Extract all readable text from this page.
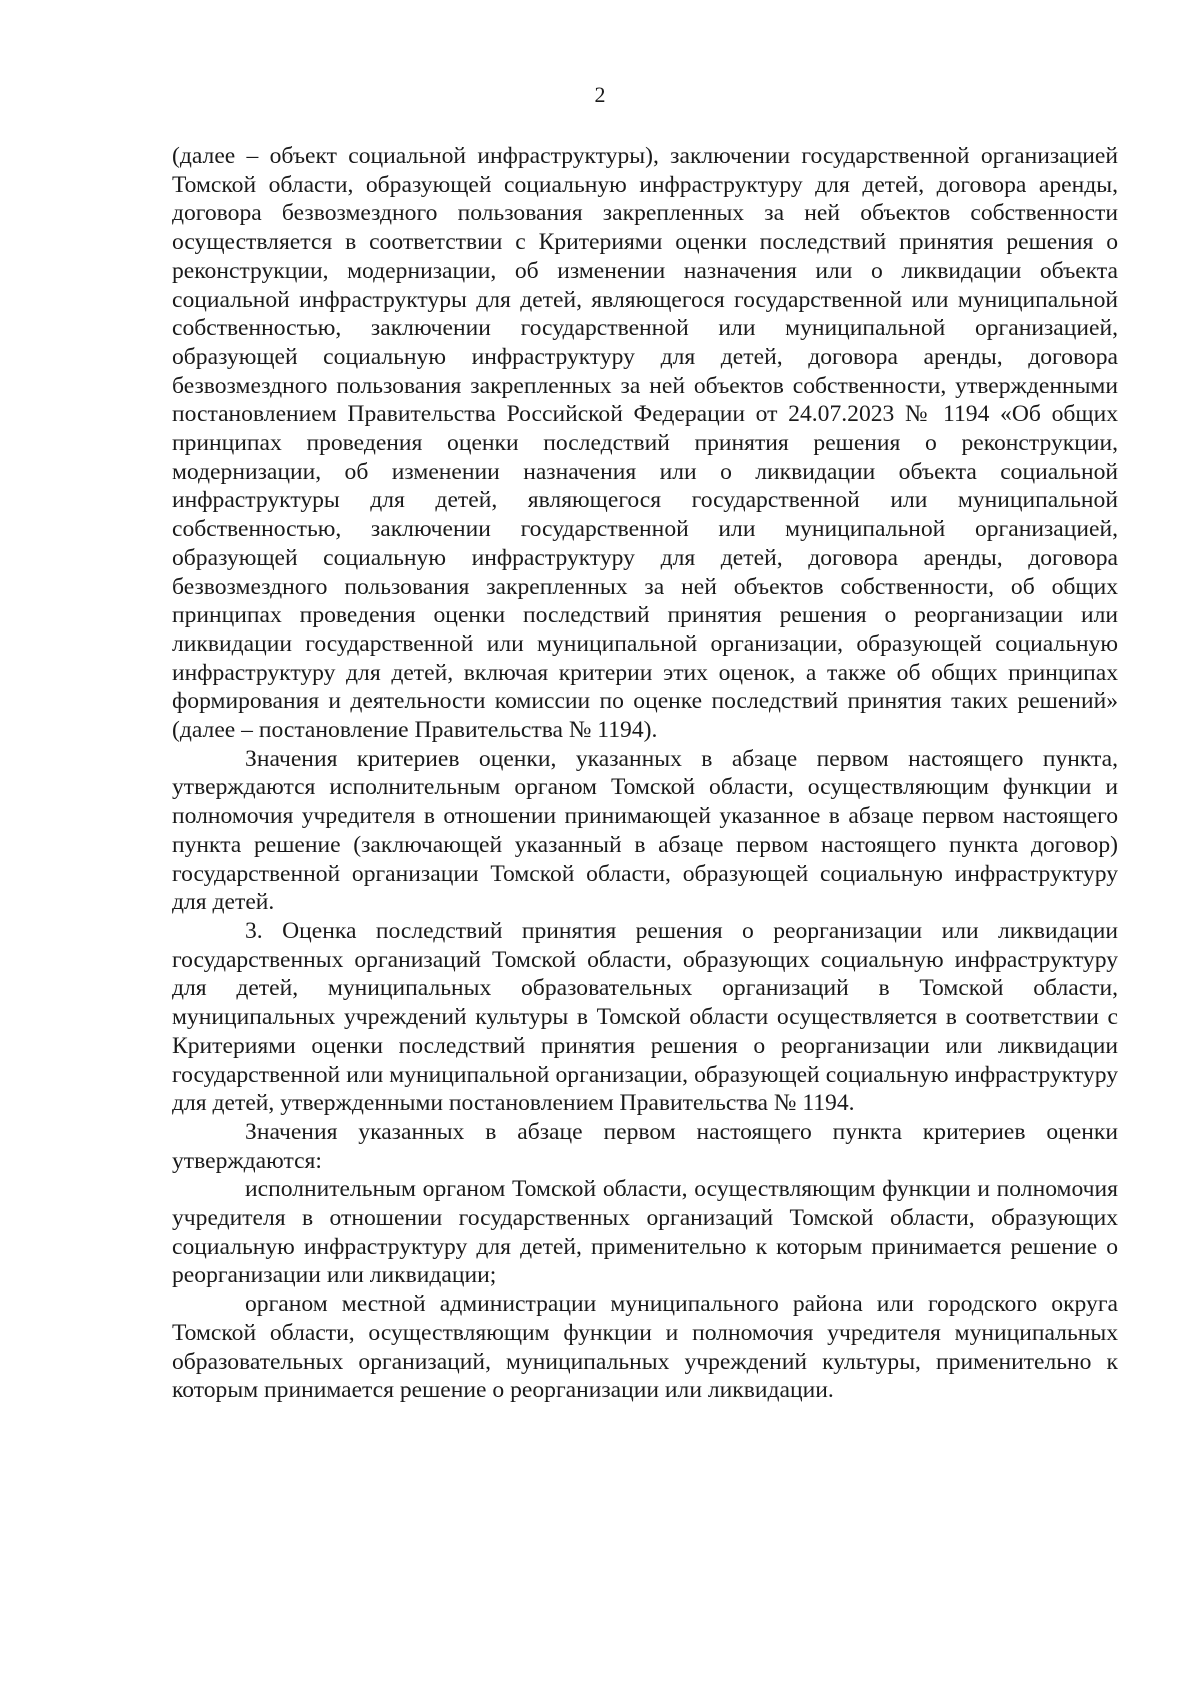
2

(далее – объект социальной инфраструктуры), заключении государственной организацией Томской области, образующей социальную инфраструктуру для детей, договора аренды, договора безвозмездного пользования закрепленных за ней объектов собственности осуществляется в соответствии с Критериями оценки последствий принятия решения о реконструкции, модернизации, об изменении назначения или о ликвидации объекта социальной инфраструктуры для детей, являющегося государственной или муниципальной собственностью, заключении государственной или муниципальной организацией, образующей социальную инфраструктуру для детей, договора аренды, договора безвозмездного пользования закрепленных за ней объектов собственности, утвержденными постановлением Правительства Российской Федерации от 24.07.2023 № 1194 «Об общих принципах проведения оценки последствий принятия решения о реконструкции, модернизации, об изменении назначения или о ликвидации объекта социальной инфраструктуры для детей, являющегося государственной или муниципальной собственностью, заключении государственной или муниципальной организацией, образующей социальную инфраструктуру для детей, договора аренды, договора безвозмездного пользования закрепленных за ней объектов собственности, об общих принципах проведения оценки последствий принятия решения о реорганизации или ликвидации государственной или муниципальной организации, образующей социальную инфраструктуру для детей, включая критерии этих оценок, а также об общих принципах формирования и деятельности комиссии по оценке последствий принятия таких решений» (далее – постановление Правительства № 1194).

Значения критериев оценки, указанных в абзаце первом настоящего пункта, утверждаются исполнительным органом Томской области, осуществляющим функции и полномочия учредителя в отношении принимающей указанное в абзаце первом настоящего пункта решение (заключающей указанный в абзаце первом настоящего пункта договор) государственной организации Томской области, образующей социальную инфраструктуру для детей.

3. Оценка последствий принятия решения о реорганизации или ликвидации государственных организаций Томской области, образующих социальную инфраструктуру для детей, муниципальных образовательных организаций в Томской области, муниципальных учреждений культуры в Томской области осуществляется в соответствии с Критериями оценки последствий принятия решения о реорганизации или ликвидации государственной или муниципальной организации, образующей социальную инфраструктуру для детей, утвержденными постановлением Правительства № 1194.

Значения указанных в абзаце первом настоящего пункта критериев оценки утверждаются:

исполнительным органом Томской области, осуществляющим функции и полномочия учредителя в отношении государственных организаций Томской области, образующих социальную инфраструктуру для детей, применительно к которым принимается решение о реорганизации или ликвидации;

органом местной администрации муниципального района или городского округа Томской области, осуществляющим функции и полномочия учредителя муниципальных образовательных организаций, муниципальных учреждений культуры, применительно к которым принимается решение о реорганизации или ликвидации.
